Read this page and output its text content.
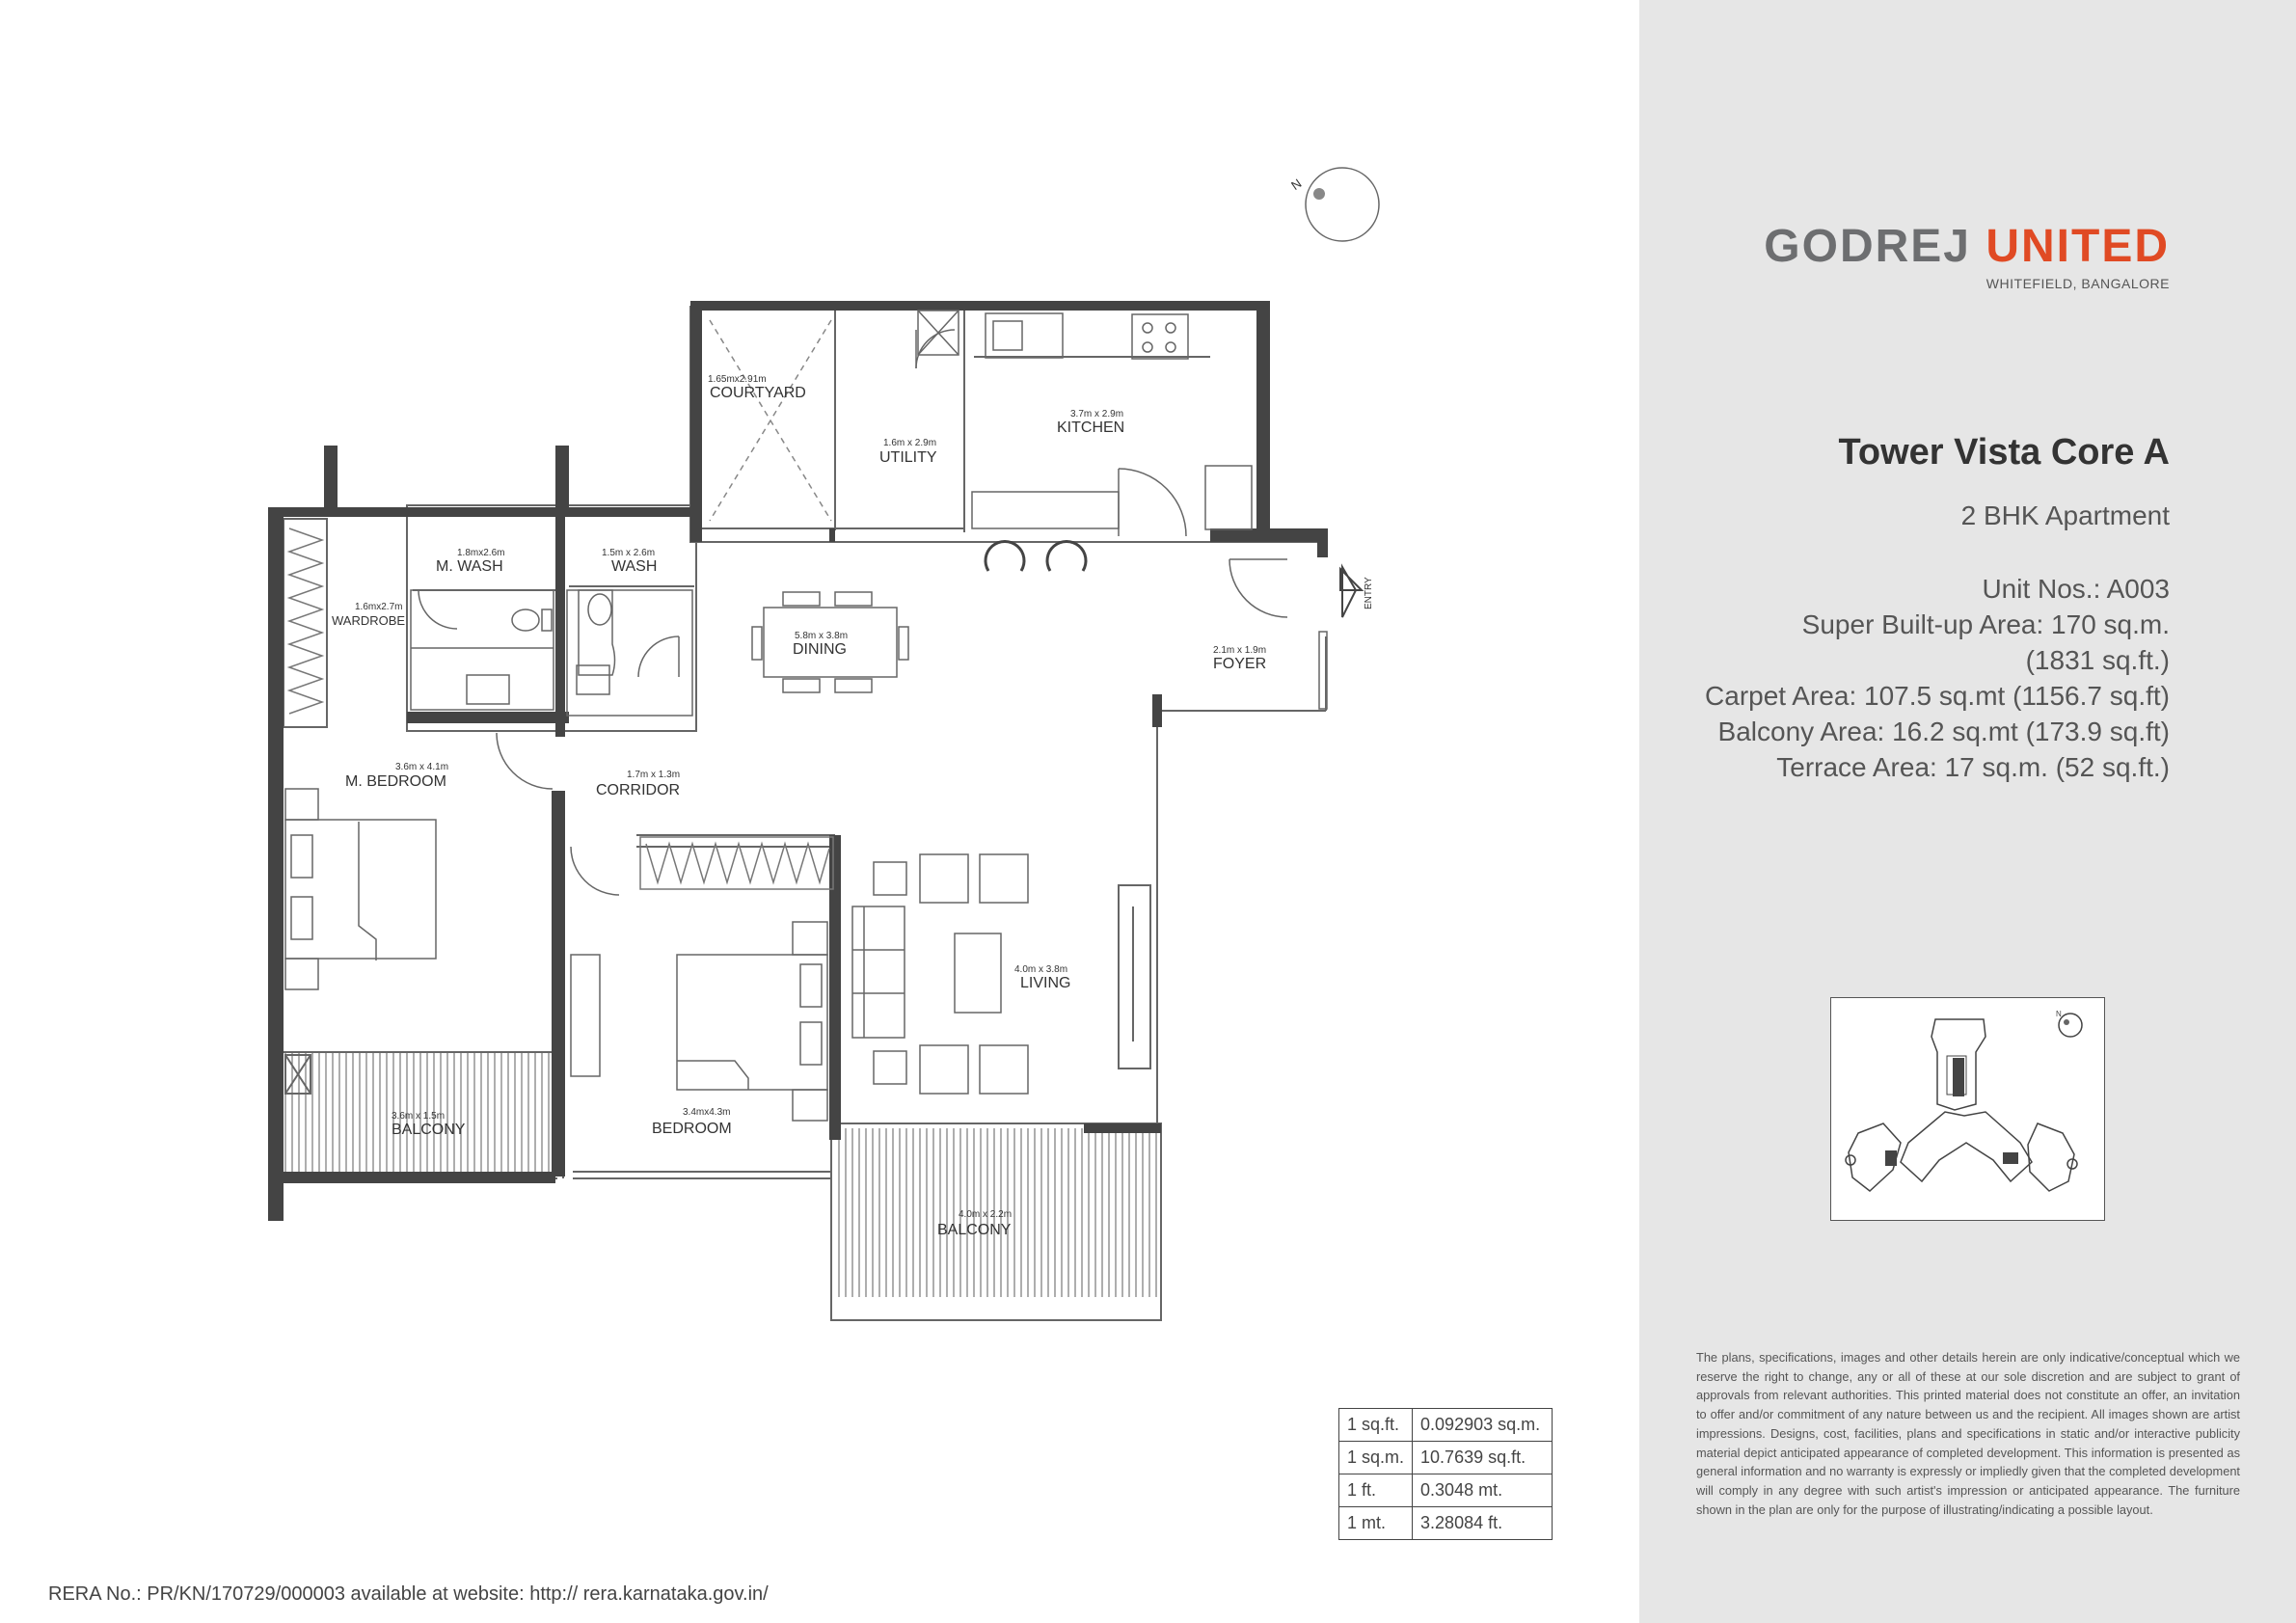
N
ENTRY
1.65mx2.91m
COURTYARD
1.6m x 2.9m
UTILITY
3.7m x 2.9m
KITCHEN
1.8mx2.6m
M. WASH
1.5m x 2.6m
WASH
1.6mx2.7m
WARDROBE
5.8m x 3.8m
DINING	2.1m x 1.9m
FOYER
3.6m x 4.1m
M. BEDROOM	1.7m x 1.3m
CORRIDOR
4.0m x 3.8m
LIVING
3.6m x 1.5m
BALCONY
3.4mx4.3m
BEDROOM
4.0m x 2.2m
BALCONY
1 sq.ft.	0.092903 sq.m.
1 sq.m.	10.7639 sq.ft.
1 ft.	0.3048 mt.
1 mt.	3.28084 ft.
RERA No.: PR/KN/170729/000003 available at website: http:// rera.karnataka.gov.in/
GODREJ UNITED
WHITEFIELD, BANGALORE
Tower Vista Core A
2 BHK Apartment
Unit Nos.: A003
Super Built-up Area: 170 sq.m.
(1831 sq.ft.)
Carpet Area: 107.5 sq.mt (1156.7 sq.ft)
Balcony Area: 16.2 sq.mt (173.9 sq.ft)
Terrace Area: 17 sq.m. (52 sq.ft.)
N
The plans, specifications, images and other details herein are only indicative/conceptual which we reserve the right to change, any or all of these at our sole discretion and are subject to grant of approvals from relevant authorities. This printed material does not constitute an offer, an invitation to offer and/or commitment of any nature between us and the recipient. All images shown are artist impressions. Designs, cost, facilities, plans and specifications in static and/or interactive publicity material depict anticipated appearance of completed development. This information is presented as general information and no warranty is expressly or impliedly given that the completed development will comply in any degree with such artist's impression or anticipated appearance. The furniture shown in the plan are only for the purpose of illustrating/indicating a possible layout.
